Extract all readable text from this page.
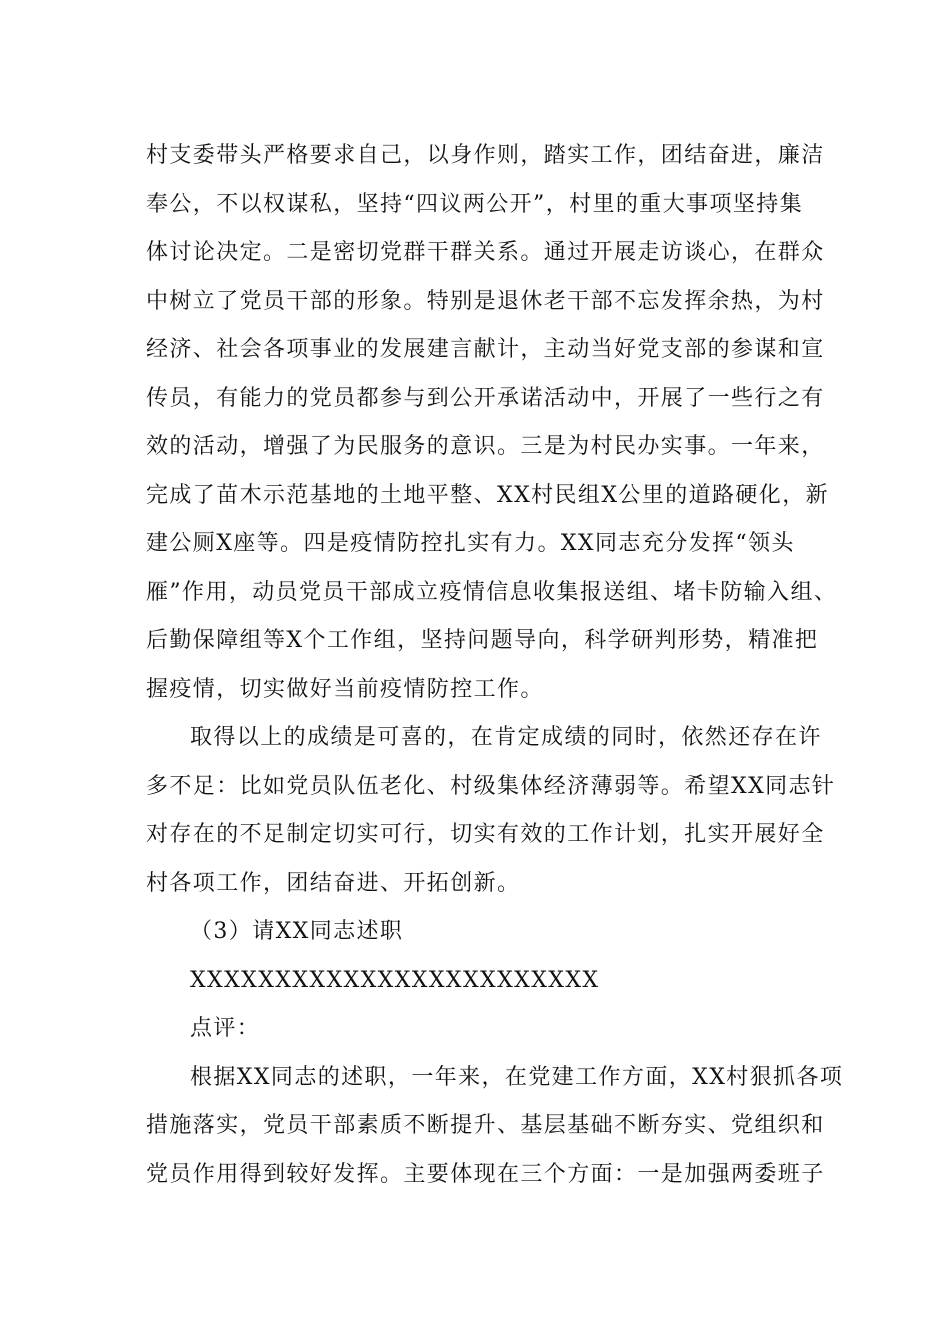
村支委带头严格要求自己，以身作则，踏实工作，团结奋进，廉洁
奉公，不以权谋私，坚持“四议两公开”，村里的重大事项坚持集
体讨论决定。二是密切党群干群关系。通过开展走访谈心，在群众
中树立了党员干部的形象。特别是退休老干部不忘发挥余热，为村
经济、社会各项事业的发展建言献计，主动当好党支部的参谋和宣
传员，有能力的党员都参与到公开承诺活动中，开展了一些行之有
效的活动，增强了为民服务的意识。三是为村民办实事。一年来，
完成了苗木示范基地的土地平整、XX村民组X公里的道路硬化，新
建公厕X座等。四是疫情防控扎实有力。XX同志充分发挥“领头
雁”作用，动员党员干部成立疫情信息收集报送组、堵卡防输入组、
后勤保障组等X个工作组，坚持问题导向，科学研判形势，精准把
握疫情，切实做好当前疫情防控工作。

取得以上的成绩是可喜的，在肯定成绩的同时，依然还存在许
多不足：比如党员队伍老化、村级集体经济薄弱等。希望XX同志针
对存在的不足制定切实可行，切实有效的工作计划，扎实开展好全
村各项工作，团结奋进、开拓创新。

（3）请XX同志述职

XXXXXXXXXXXXXXXXXXXXXXXX

点评：

根据XX同志的述职，一年来，在党建工作方面，XX村狠抓各项
措施落实，党员干部素质不断提升、基层基础不断夯实、党组织和
党员作用得到较好发挥。主要体现在三个方面：一是加强两委班子
